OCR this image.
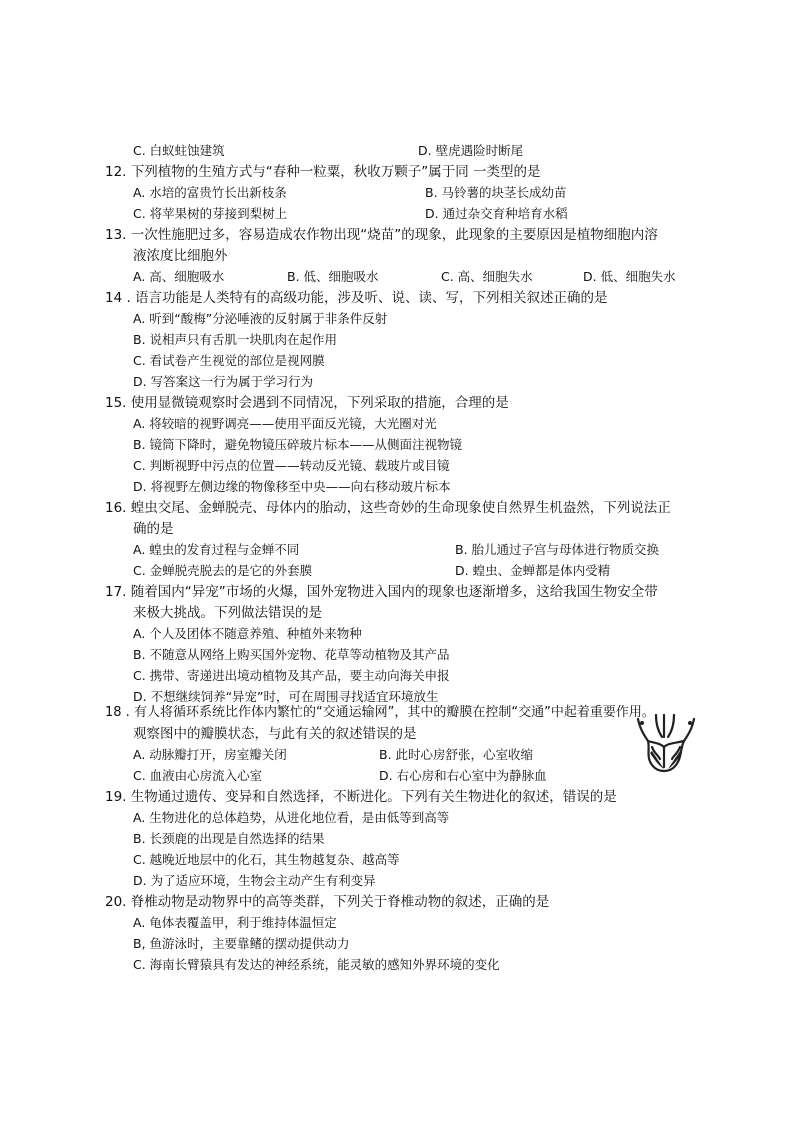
C. 白蚁蛀蚀建筑	D. 壁虎遇险时断尾
12. 下列植物的生殖方式与“春种一粒粟，秋收万颗子”属于同 一类型的是
A. 水培的富贵竹长出新枝条	B. 马铃薯的块茎长成幼苗
C. 将苹果树的芽接到梨树上	D. 通过杂交育种培育水稻
13. 一次性施肥过多，容易造成农作物出现“烧苗”的现象，此现象的主要原因是植物细胞内溶
液浓度比细胞外
A. 高、细胞吸水	B. 低、细胞吸水	C. 高、细胞失水	D. 低、细胞失水
14 . 语言功能是人类特有的高级功能，涉及听、说、读、写，下列相关叙述正确的是
A. 听到“酸梅”分泌唾液的反射属于非条件反射
B. 说相声只有舌肌一块肌肉在起作用
C. 看试卷产生视觉的部位是视网膜
D. 写答案这一行为属于学习行为
15. 使用显微镜观察时会遇到不同情况，下列采取的措施，合理的是
A. 将较暗的视野调亮——使用平面反光镜，大光圈对光
B. 镜筒下降时，避免物镜压碎玻片标本——从侧面注视物镜
C. 判断视野中污点的位置——转动反光镜、载玻片或目镜
D. 将视野左侧边缘的物像移至中央——向右移动玻片标本
16. 蝗虫交尾、金蝉脱壳、母体内的胎动，这些奇妙的生命现象使自然界生机盎然，下列说法正
确的是
A. 蝗虫的发育过程与金蝉不同	B. 胎儿通过子宫与母体进行物质交换
C. 金蝉脱壳脱去的是它的外套膜	D. 蝗虫、金蝉都是体内受精
17. 随着国内“异宠”市场的火爆，国外宠物进入国内的现象也逐渐增多，这给我国生物安全带
来极大挑战。下列做法错误的是
A. 个人及团体不随意养殖、种植外来物种
B. 不随意从网络上购买国外宠物、花草等动植物及其产品
C. 携带、寄递进出境动植物及其产品，要主动向海关申报
D. 不想继续饲养“异宠”时，可在周围寻找适宜环境放生
18 . 有人将循环系统比作体内繁忙的“交通运输网”，其中的瓣膜在控制“交通”中起着重要作用。
观察图中的瓣膜状态，与此有关的叙述错误的是
A. 动脉瓣打开，房室瓣关闭	B. 此时心房舒张，心室收缩
C. 血液由心房流入心室	D. 右心房和右心室中为静脉血
19. 生物通过遗传、变异和自然选择，不断进化。下列有关生物进化的叙述，错误的是
A. 生物进化的总体趋势，从进化地位看，是由低等到高等
B. 长颈鹿的出现是自然选择的结果
C. 越晚近地层中的化石，其生物越复杂、越高等
D. 为了适应环境，生物会主动产生有利变异
20. 脊椎动物是动物界中的高等类群，下列关于脊椎动物的叙述，正确的是
A. 龟体表覆盖甲，利于维持体温恒定
B, 鱼游泳时，主要靠鳍的摆动提供动力
C. 海南长臂猿具有发达的神经系统，能灵敏的感知外界环境的变化
